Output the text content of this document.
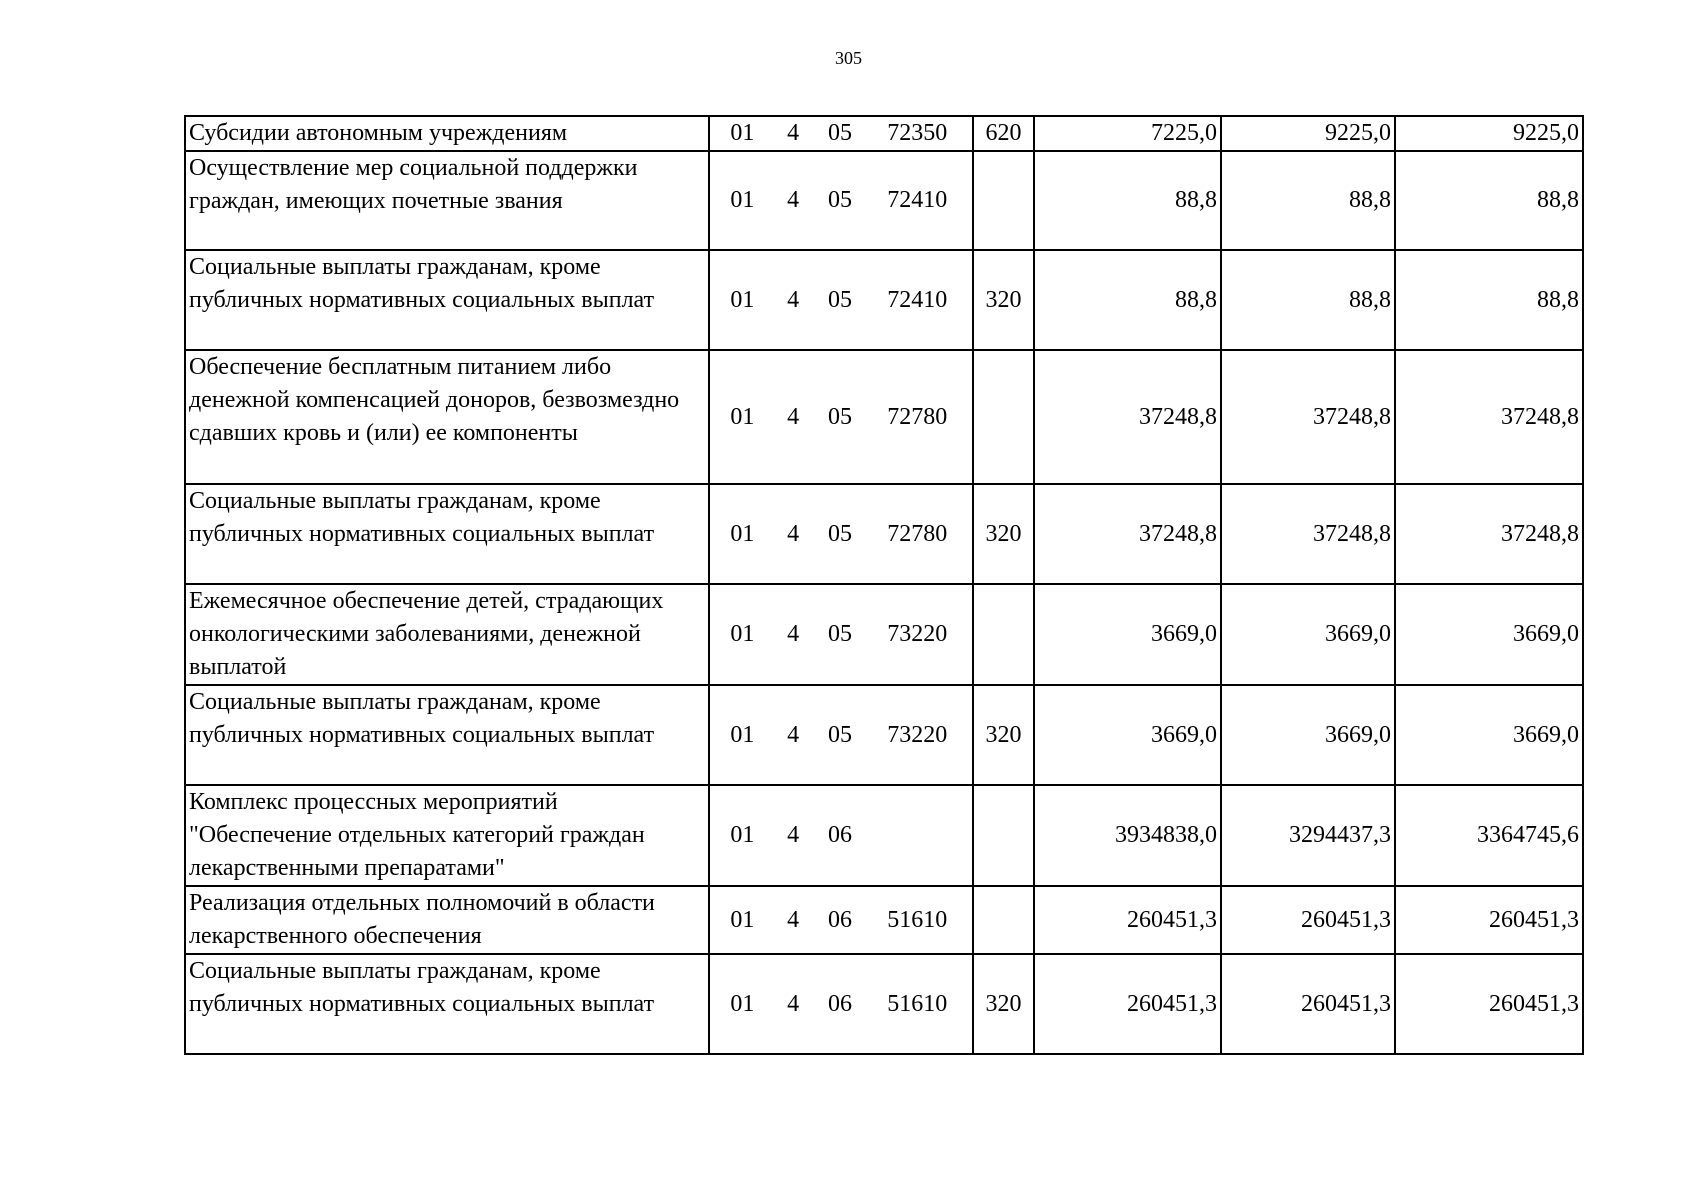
305
Субсидии автономным учреждениям	01 4 05 72350	620	7225,0	9225,0	9225,0
Осуществление мер социальной поддержки граждан, имеющих почетные звания	01 4 05 72410		88,8	88,8	88,8
Социальные выплаты гражданам, кроме публичных нормативных социальных выплат	01 4 05 72410	320	88,8	88,8	88,8
Обеспечение бесплатным питанием либо денежной компенсацией доноров, безвозмездно сдавших кровь и (или) ее компоненты	01 4 05 72780		37248,8	37248,8	37248,8
Социальные выплаты гражданам, кроме публичных нормативных социальных выплат	01 4 05 72780	320	37248,8	37248,8	37248,8
Ежемесячное обеспечение детей, страдающих онкологическими заболеваниями, денежной выплатой	01 4 05 73220		3669,0	3669,0	3669,0
Социальные выплаты гражданам, кроме публичных нормативных социальных выплат	01 4 05 73220	320	3669,0	3669,0	3669,0
Комплекс процессных мероприятий "Обеспечение отдельных категорий граждан лекарственными препаратами"	01 4 06		3934838,0	3294437,3	3364745,6
Реализация отдельных полномочий в области лекарственного обеспечения	01 4 06 51610		260451,3	260451,3	260451,3
Социальные выплаты гражданам, кроме публичных нормативных социальных выплат	01 4 06 51610	320	260451,3	260451,3	260451,3
